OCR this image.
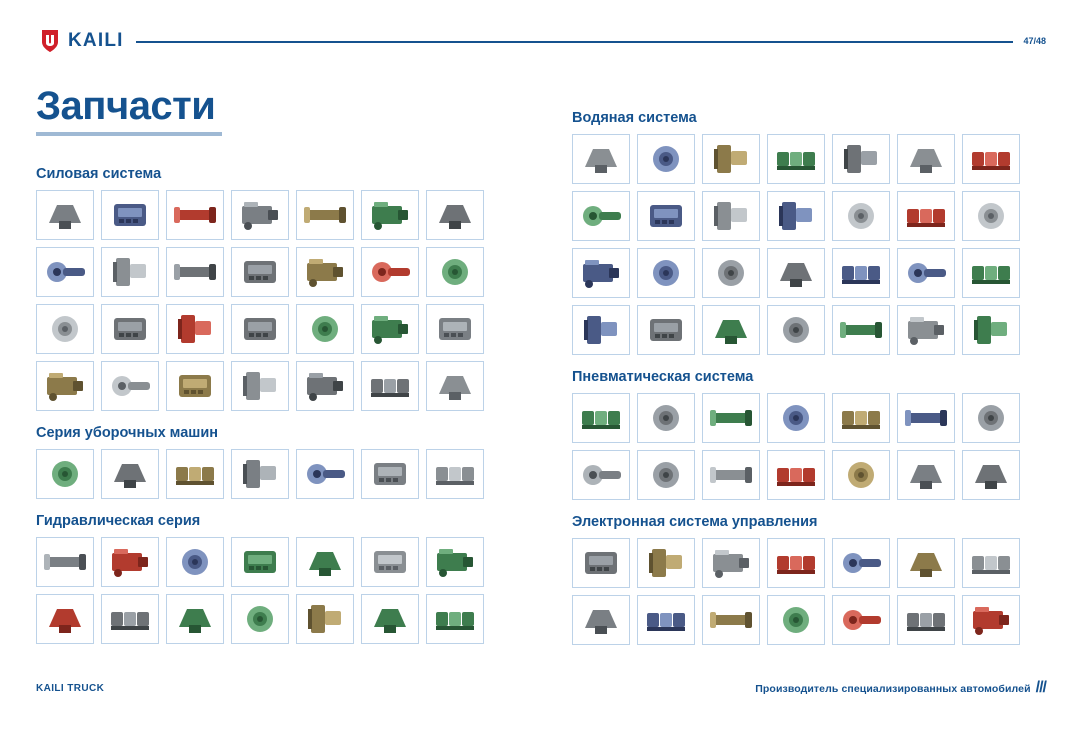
KAILI	47/48
Запчасти
Силовая система
Серия уборочных машин
Гидравлическая серия
Водяная система
Пневматическая система
Электронная система управления
KAILI TRUCK	Производитель специализированных автомобилей ///
